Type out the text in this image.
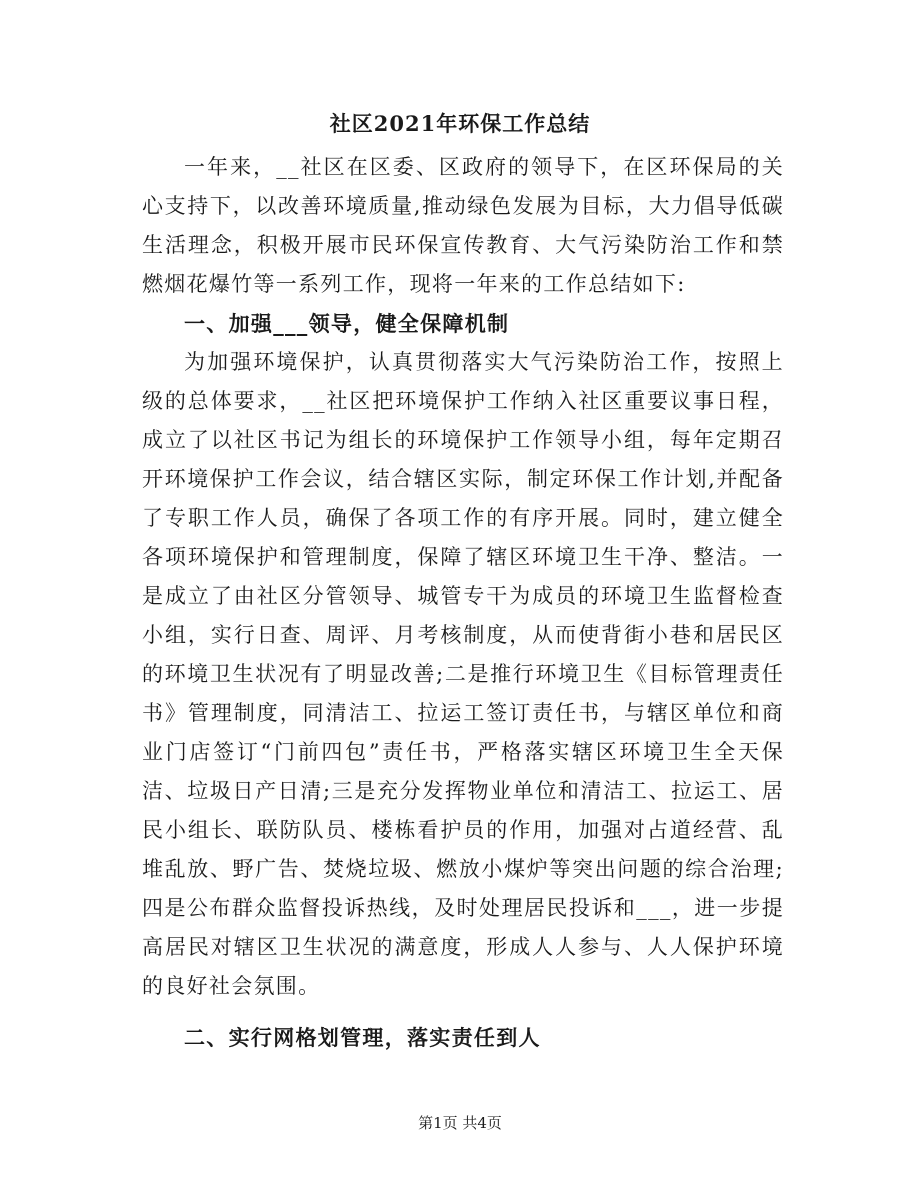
社区2021年环保工作总结

一年来，__社区在区委、区政府的领导下，在区环保局的关心支持下，以改善环境质量,推动绿色发展为目标，大力倡导低碳生活理念，积极开展市民环保宣传教育、大气污染防治工作和禁燃烟花爆竹等一系列工作，现将一年来的工作总结如下:

一、加强___领导，健全保障机制

为加强环境保护，认真贯彻落实大气污染防治工作，按照上级的总体要求，__社区把环境保护工作纳入社区重要议事日程，成立了以社区书记为组长的环境保护工作领导小组，每年定期召开环境保护工作会议，结合辖区实际，制定环保工作计划,并配备了专职工作人员，确保了各项工作的有序开展。同时，建立健全各项环境保护和管理制度，保障了辖区环境卫生干净、整洁。一是成立了由社区分管领导、城管专干为成员的环境卫生监督检查小组，实行日查、周评、月考核制度，从而使背街小巷和居民区的环境卫生状况有了明显改善;二是推行环境卫生《目标管理责任书》管理制度，同清洁工、拉运工签订责任书，与辖区单位和商业门店签订“门前四包”责任书，严格落实辖区环境卫生全天保洁、垃圾日产日清;三是充分发挥物业单位和清洁工、拉运工、居民小组长、联防队员、楼栋看护员的作用，加强对占道经营、乱堆乱放、野广告、焚烧垃圾、燃放小煤炉等突出问题的综合治理;四是公布群众监督投诉热线，及时处理居民投诉和___，进一步提高居民对辖区卫生状况的满意度，形成人人参与、人人保护环境的良好社会氛围。

二、实行网格划管理，落实责任到人

第1页 共4页
